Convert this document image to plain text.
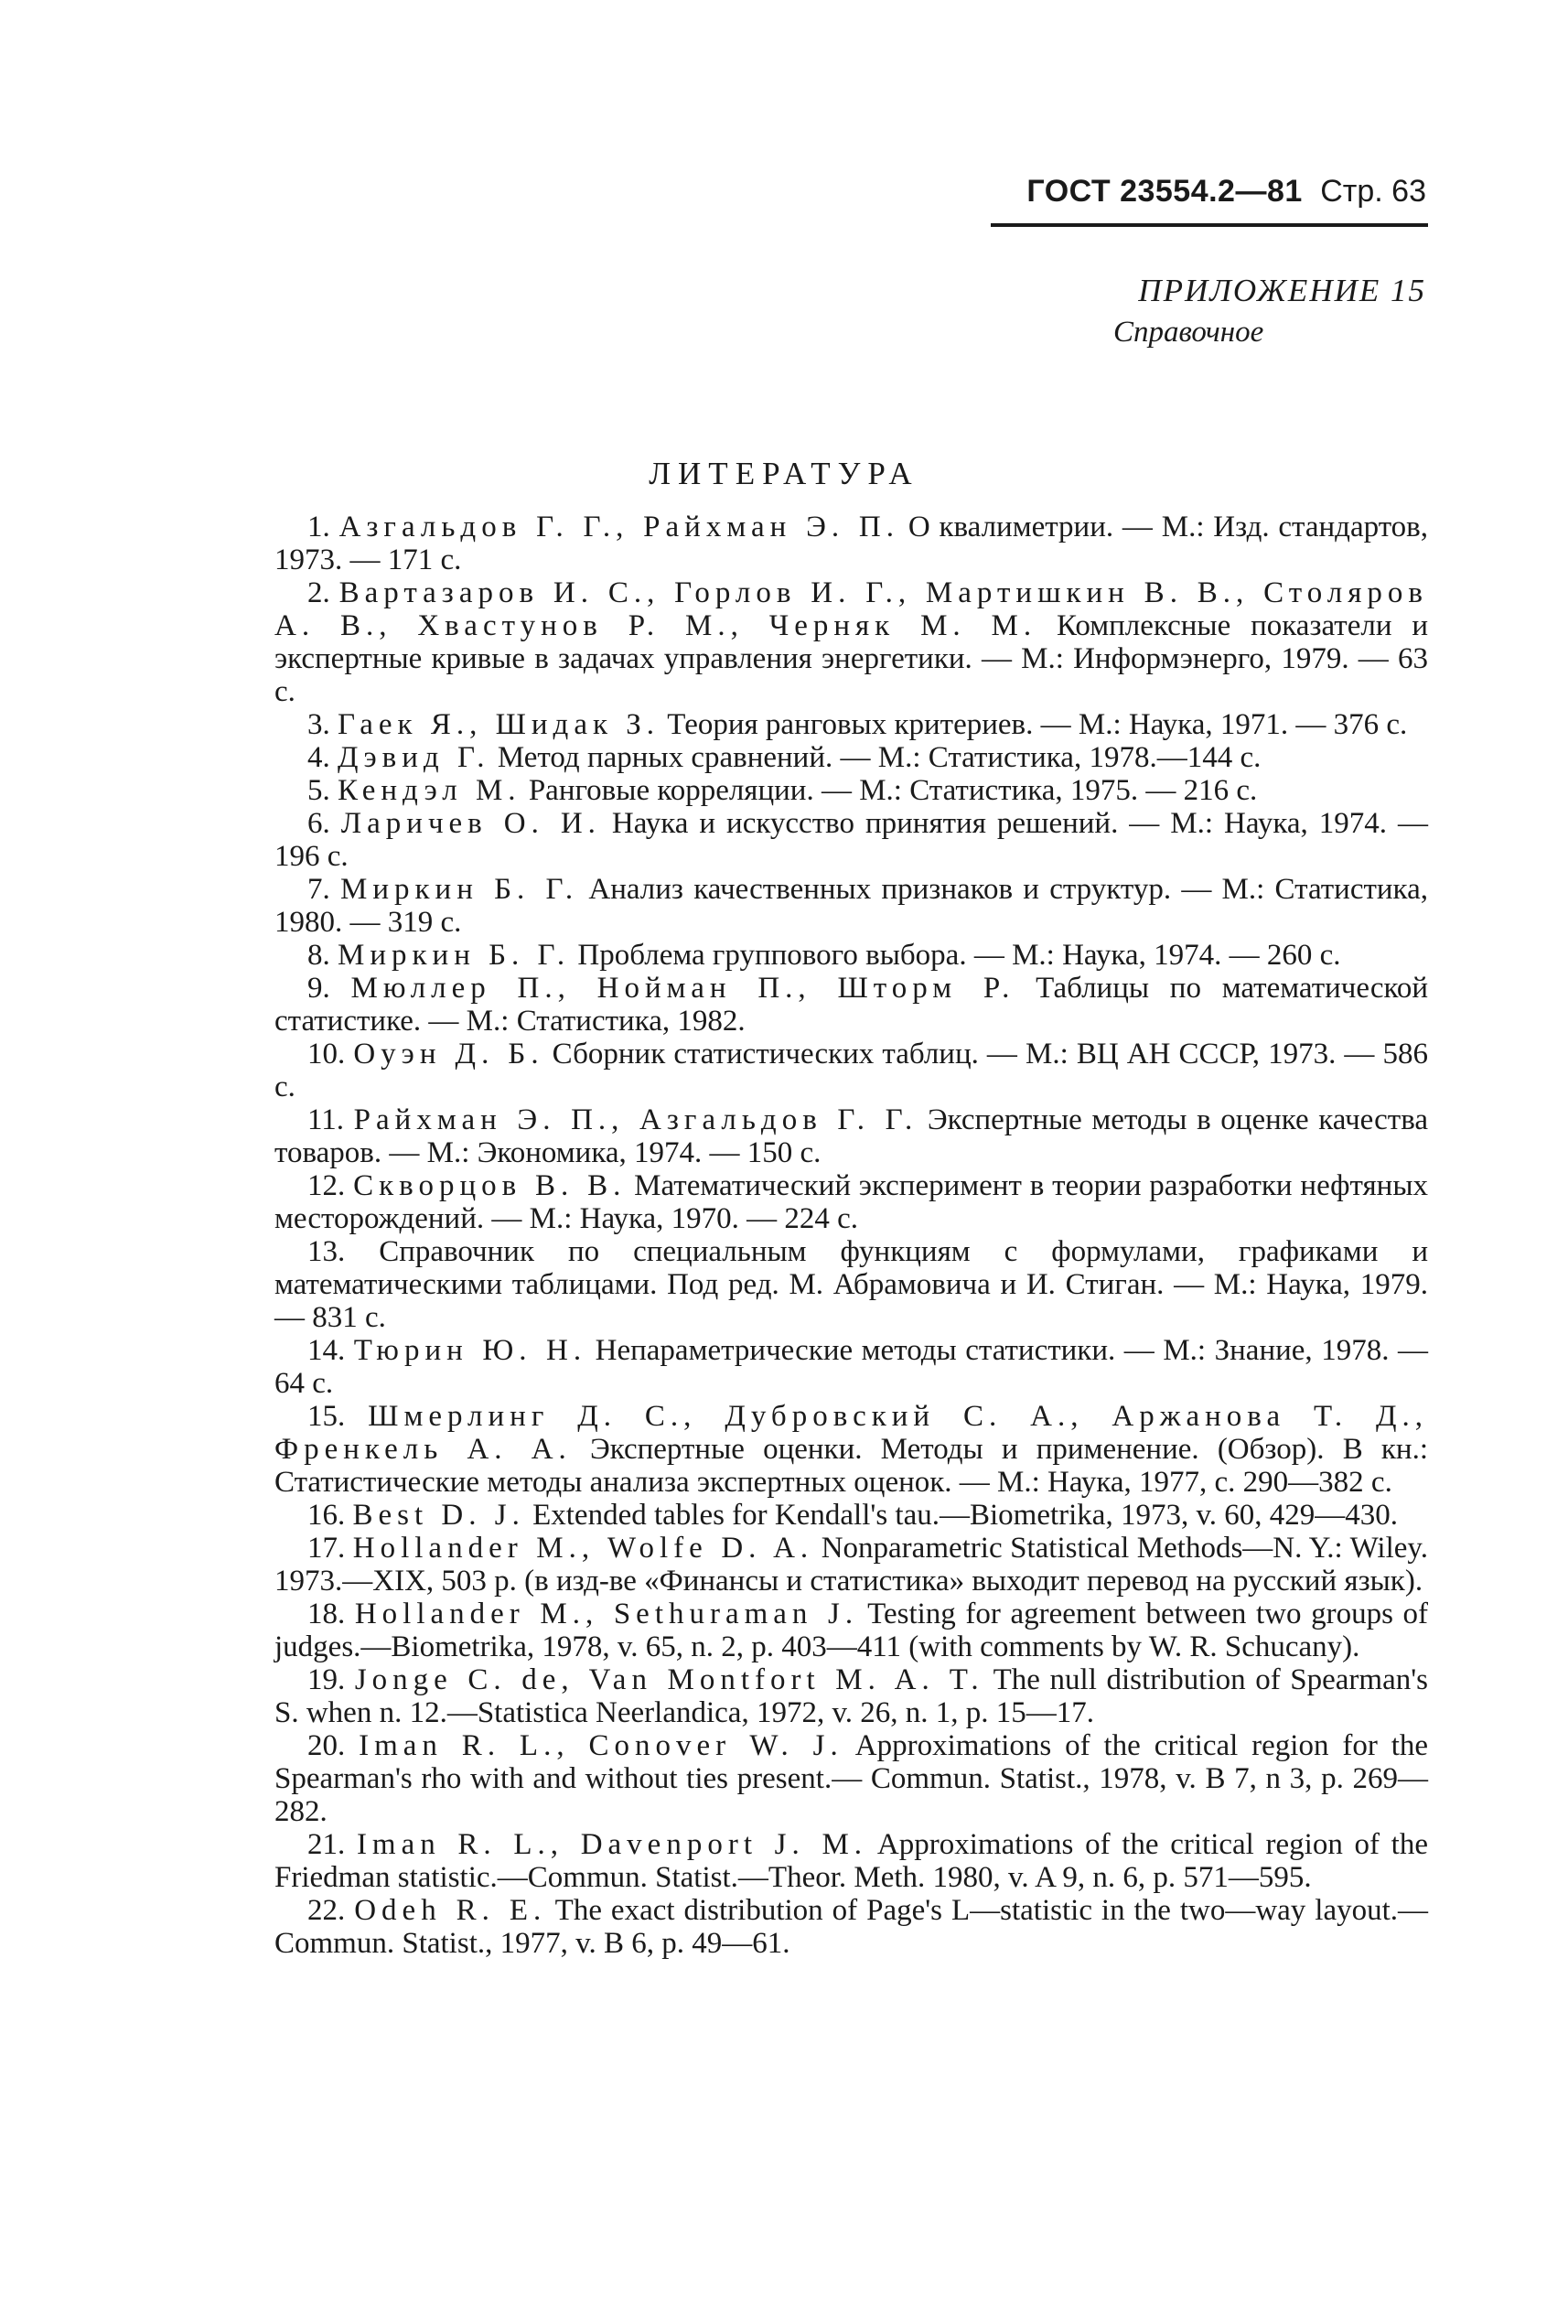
ГОСТ 23554.2—81 Стр. 63
ПРИЛОЖЕНИЕ 15
Справочное
ЛИТЕРАТУРА

1. Азгальдов Г. Г., Райхман Э. П. О квалиметрии. — М.: Изд. стандартов, 1973. — 171 с.

2. Вартазаров И. С., Горлов И. Г., Мартишкин В. В., Столяров А. В., Хвастунов Р. М., Черняк М. М. Комплексные показатели и экспертные кривые в задачах управления энергетики. — М.: Информэнерго, 1979. — 63 с.

3. Гаек Я., Шидак З. Теория ранговых критериев. — М.: Наука, 1971. — 376 с.

4. Дэвид Г. Метод парных сравнений. — М.: Статистика, 1978.—144 с.

5. Кендэл М. Ранговые корреляции. — М.: Статистика, 1975. — 216 с.

6. Ларичев О. И. Наука и искусство принятия решений. — М.: Наука, 1974. — 196 с.

7. Миркин Б. Г. Анализ качественных признаков и структур. — М.: Статистика, 1980. — 319 с.

8. Миркин Б. Г. Проблема группового выбора. — М.: Наука, 1974. — 260 с.

9. Мюллер П., Нойман П., Шторм Р. Таблицы по математической статистике. — М.: Статистика, 1982.

10. Оуэн Д. Б. Сборник статистических таблиц. — М.: ВЦ АН СССР, 1973. — 586 с.

11. Райхман Э. П., Азгальдов Г. Г. Экспертные методы в оценке качества товаров. — М.: Экономика, 1974. — 150 с.

12. Скворцов В. В. Математический эксперимент в теории разработки нефтяных месторождений. — М.: Наука, 1970. — 224 с.

13. Справочник по специальным функциям с формулами, графиками и математическими таблицами. Под ред. М. Абрамовича и И. Стиган. — М.: Наука, 1979. — 831 с.

14. Тюрин Ю. Н. Непараметрические методы статистики. — М.: Знание, 1978. — 64 с.

15. Шмерлинг Д. С., Дубровский С. А., Аржанова Т. Д., Френкель А. А. Экспертные оценки. Методы и применение. (Обзор). В кн.: Статистические методы анализа экспертных оценок. — М.: Наука, 1977, с. 290—382 с.

16. Best D. J. Extended tables for Kendall's tau.—Biometrika, 1973, v. 60, 429—430.

17. Hollander M., Wolfe D. A. Nonparametric Statistical Methods—N. Y.: Wiley. 1973.—XIX, 503 p. (в изд-ве «Финансы и статистика» выходит перевод на русский язык).

18. Hollander M., Sethuraman J. Testing for agreement between two groups of judges.—Biometrika, 1978, v. 65, n. 2, p. 403—411 (with comments by W. R. Schucany).

19. Jonge C. de, Van Montfort M. A. T. The null distribution of Spearman's S. when n. 12.—Statistica Neerlandica, 1972, v. 26, n. 1, p. 15—17.

20. Iman R. L., Conover W. J. Approximations of the critical region for the Spearman's rho with and without ties present.— Commun. Statist., 1978, v. B 7, n 3, p. 269—282.

21. Iman R. L., Davenport J. M. Approximations of the critical region of the Friedman statistic.—Commun. Statist.—Theor. Meth. 1980, v. A 9, n. 6, p. 571—595.

22. Odeh R. E. The exact distribution of Page's L—statistic in the two—way layout.—Commun. Statist., 1977, v. B 6, p. 49—61.
